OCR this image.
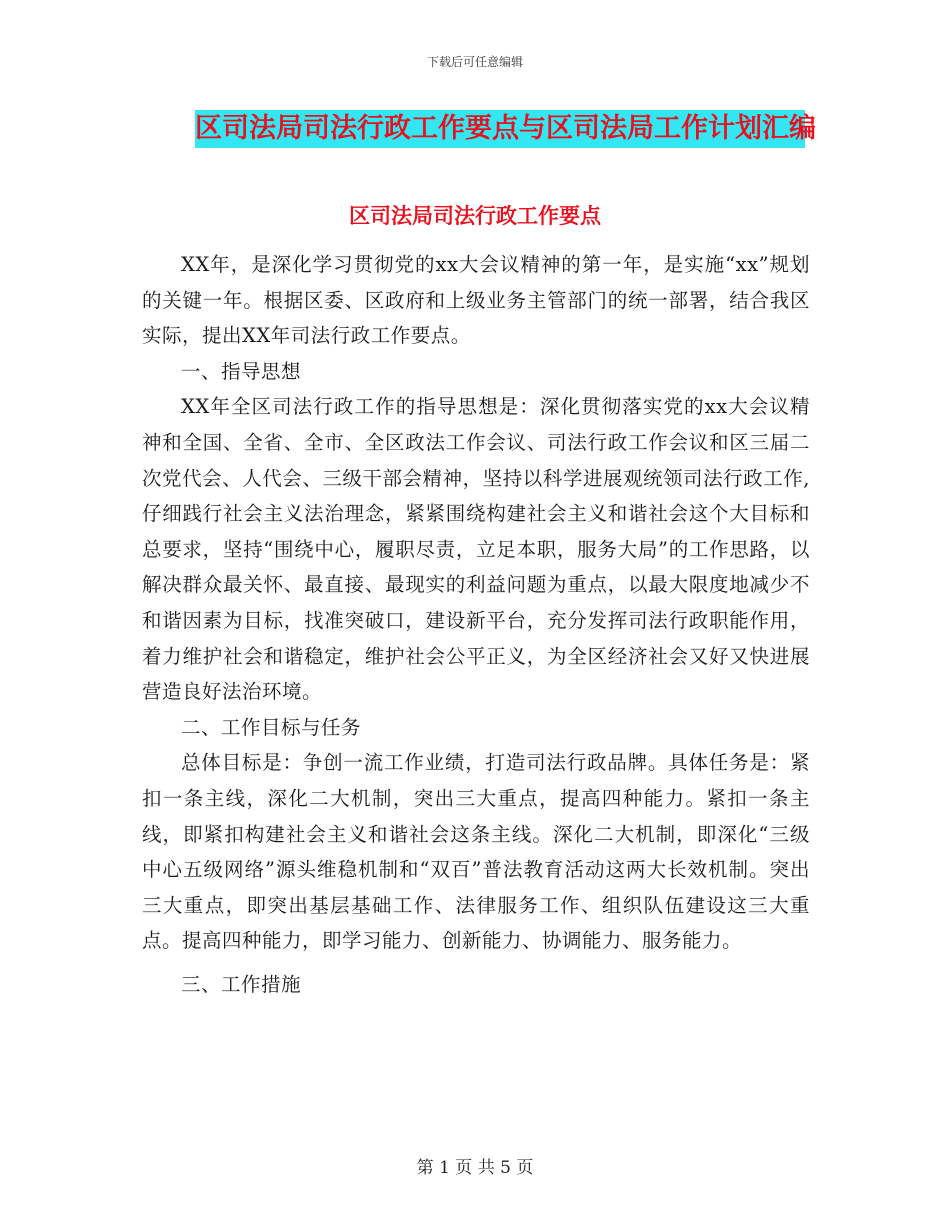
下载后可任意编辑
区司法局司法行政工作要点与区司法局工作计划汇编
区司法局司法行政工作要点

XX年，是深化学习贯彻党的xx大会议精神的第一年，是实施“xx”规划的关键一年。根据区委、区政府和上级业务主管部门的统一部署，结合我区实际，提出XX年司法行政工作要点。

一、指导思想

XX年全区司法行政工作的指导思想是：深化贯彻落实党的xx大会议精神和全国、全省、全市、全区政法工作会议、司法行政工作会议和区三届二次党代会、人代会、三级干部会精神，坚持以科学进展观统领司法行政工作,仔细践行社会主义法治理念，紧紧围绕构建社会主义和谐社会这个大目标和总要求，坚持“围绕中心，履职尽责，立足本职，服务大局”的工作思路，以解决群众最关怀、最直接、最现实的利益问题为重点，以最大限度地减少不和谐因素为目标，找准突破口，建设新平台，充分发挥司法行政职能作用，着力维护社会和谐稳定，维护社会公平正义，为全区经济社会又好又快进展营造良好法治环境。

二、工作目标与任务

总体目标是：争创一流工作业绩，打造司法行政品牌。具体任务是：紧扣一条主线，深化二大机制，突出三大重点，提高四种能力。紧扣一条主线，即紧扣构建社会主义和谐社会这条主线。深化二大机制，即深化“三级中心五级网络”源头维稳机制和“双百”普法教育活动这两大长效机制。突出三大重点，即突出基层基础工作、法律服务工作、组织队伍建设这三大重点。提高四种能力，即学习能力、创新能力、协调能力、服务能力。

三、工作措施

第 1 页 共 5 页
